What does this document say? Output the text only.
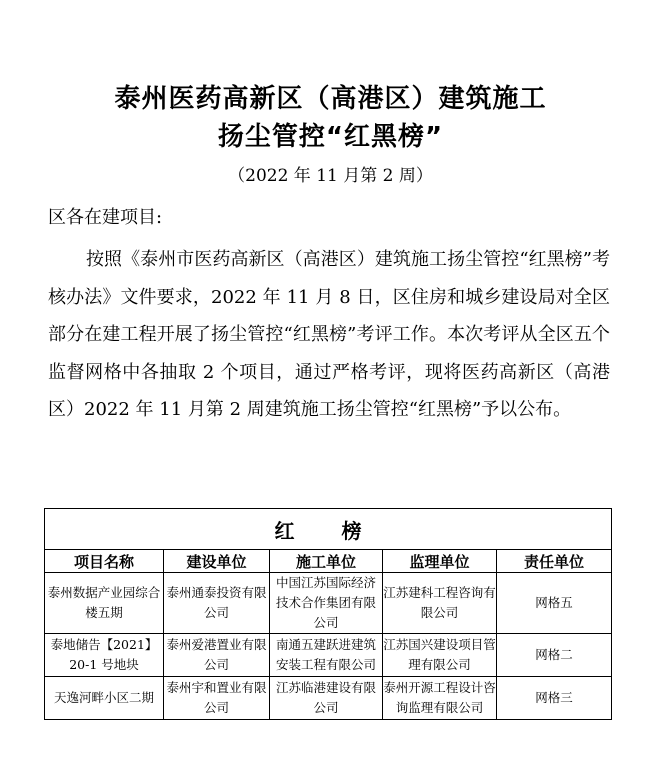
泰州医药高新区（高港区）建筑施工
扬尘管控“红黑榜”
（2022 年 11 月第 2 周）
区各在建项目:

按照《泰州市医药高新区（高港区）建筑施工扬尘管控“红黑榜”考核办法》文件要求，2022 年 11 月 8 日，区住房和城乡建设局对全区部分在建工程开展了扬尘管控“红黑榜”考评工作。本次考评从全区五个监督网格中各抽取 2 个项目，通过严格考评，现将医药高新区（高港区）2022 年 11 月第 2 周建筑施工扬尘管控“红黑榜”予以公布。

红 榜				
项目名称	建设单位	施工单位	监理单位	责任单位
泰州数据产业园综合楼五期	泰州通泰投资有限公司	中国江苏国际经济技术合作集团有限公司	江苏建科工程咨询有限公司	网格五
泰地储告【2021】20-1 号地块	泰州爱港置业有限公司	南通五建跃进建筑安装工程有限公司	江苏国兴建设项目管理有限公司	网格二
天逸河畔小区二期	泰州宇和置业有限公司	江苏临港建设有限公司	泰州开源工程设计咨询监理有限公司	网格三
